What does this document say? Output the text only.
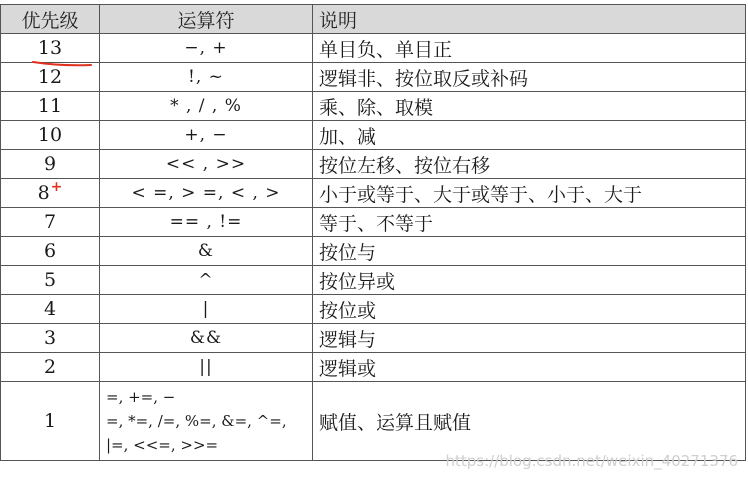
优先级	运算符	说明
13	−, +	单目负、单目正
12	!, ~	逻辑非、按位取反或补码
11	* , / , %	乘、除、取模
10	+, −	加、减
9	<< , >>	按位左移、按位右移
8+	< =, > =, < , >	小于或等于、大于或等于、小于、大于
7	== , !=	等于、不等于
6	&	按位与
5	^	按位异或
4	|	按位或
3	&&	逻辑与
2	||	逻辑或
1	=, +=, −
=, *=, /=, %=, &=, ^=,
|=, <<=, >>=	赋值、运算且赋值
https://blog.csdn.net/weixin_40271376
